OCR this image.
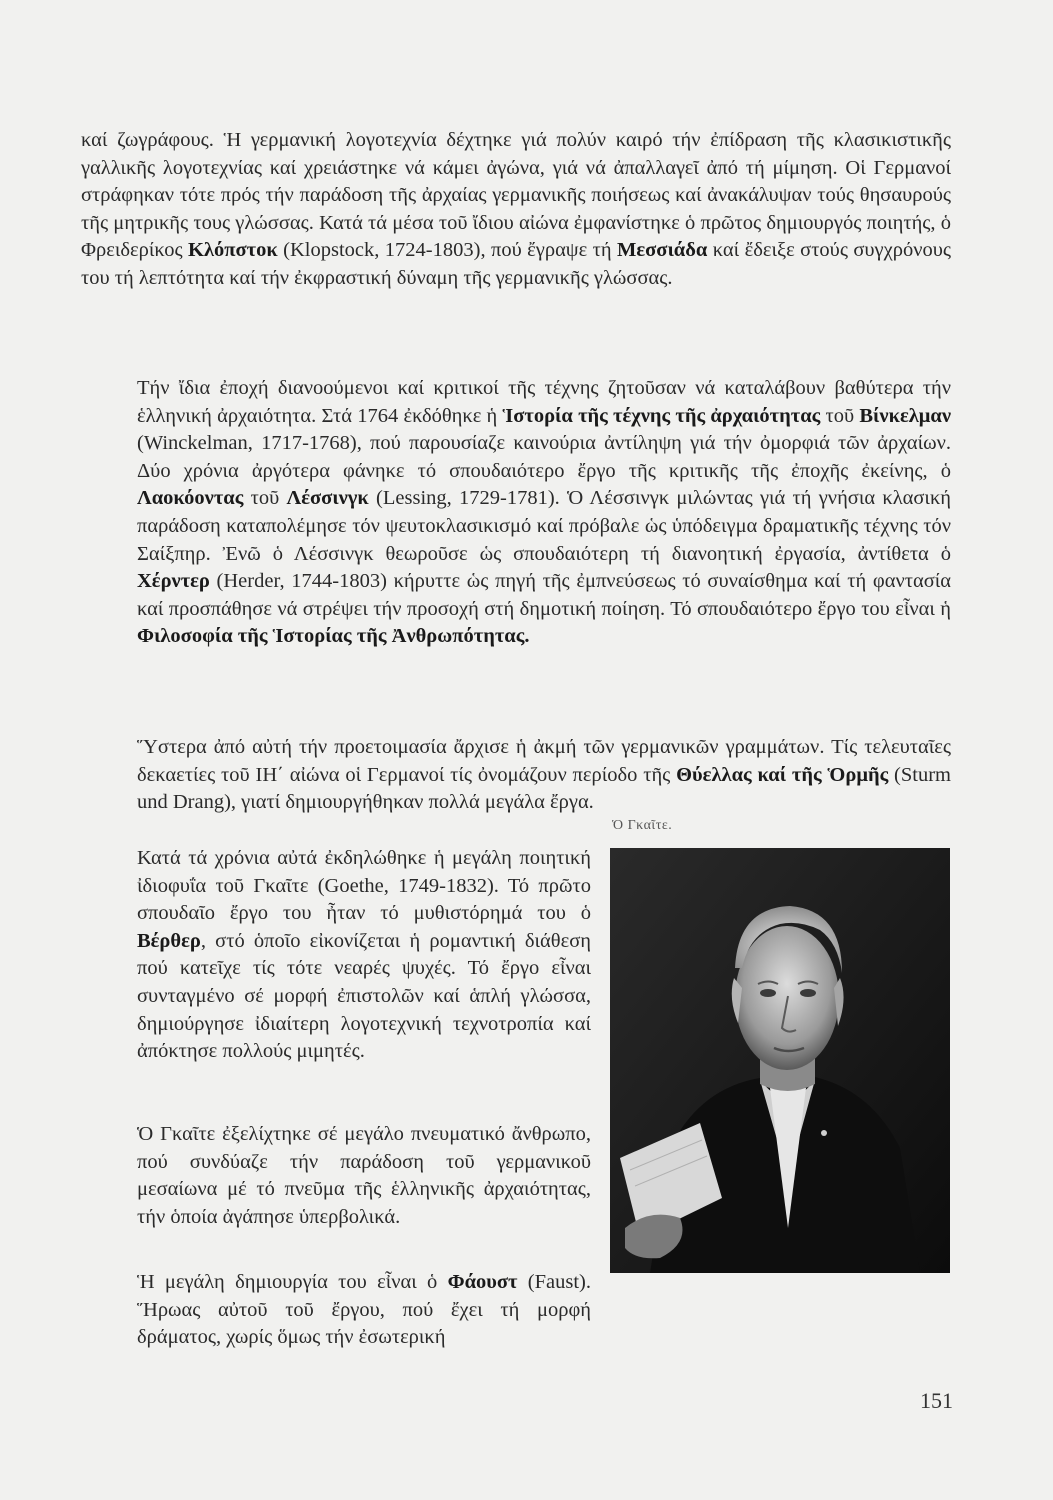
καί ζωγράφους. Ἡ γερμανική λογοτεχνία δέχτηκε γιά πολύν καιρό τήν ἐπίδραση τῆς κλασικιστικῆς γαλλικῆς λογοτεχνίας καί χρειάστηκε νά κάμει ἀγώνα, γιά νά ἀπαλλαγεῖ ἀπό τή μίμηση. Οἱ Γερμανοί στράφηκαν τότε πρός τήν παράδοση τῆς ἀρχαίας γερμανικῆς ποιήσεως καί ἀνακάλυψαν τούς θησαυρούς τῆς μητρικῆς τους γλώσσας. Κατά τά μέσα τοῦ ἴδιου αἰώνα ἐμφανίστηκε ὁ πρῶτος δημιουργός ποιητής, ὁ Φρειδερίκος Κλόπστοκ (Klopstock, 1724-1803), πού ἔγραψε τή Μεσσιάδα καί ἔδειξε στούς συγχρόνους του τή λεπτότητα καί τήν ἐκφραστική δύναμη τῆς γερμανικῆς γλώσσας.

Τήν ἴδια ἐποχή διανοούμενοι καί κριτικοί τῆς τέχνης ζητοῦσαν νά καταλάβουν βαθύτερα τήν ἑλληνική ἀρχαιότητα. Στά 1764 ἐκδόθηκε ἡ Ἱστορία τῆς τέχνης τῆς ἀρχαιότητας τοῦ Βίνκελμαν (Winckelman, 1717-1768), πού παρουσίαζε καινούρια ἀντίληψη γιά τήν ὀμορφιά τῶν ἀρχαίων. Δύο χρόνια ἀργότερα φάνηκε τό σπουδαιότερο ἔργο τῆς κριτικῆς τῆς ἐποχῆς ἐκείνης, ὁ Λαοκόοντας τοῦ Λέσσινγκ (Lessing, 1729-1781). Ὁ Λέσσινγκ μιλώντας γιά τή γνήσια κλασική παράδοση καταπολέμησε τόν ψευτοκλασικισμό καί πρόβαλε ὡς ὑπόδειγμα δραματικῆς τέχνης τόν Σαίξπηρ. Ἐνῶ ὁ Λέσσινγκ θεωροῦσε ὡς σπουδαιότερη τή διανοητική ἐργασία, ἀντίθετα ὁ Χέρντερ (Herder, 1744-1803) κήρυττε ὡς πηγή τῆς ἐμπνεύσεως τό συναίσθημα καί τή φαντασία καί προσπάθησε νά στρέψει τήν προσοχή στή δημοτική ποίηση. Τό σπουδαιότερο ἔργο του εἶναι ἡ Φιλοσοφία τῆς Ἱστορίας τῆς Ἀνθρωπότητας.

Ὕστερα ἀπό αὐτή τήν προετοιμασία ἄρχισε ἡ ἀκμή τῶν γερμανικῶν γραμμάτων. Τίς τελευταῖες δεκαετίες τοῦ ΙΗ΄ αἰώνα οἱ Γερμανοί τίς ὀνομάζουν περίοδο τῆς Θύελλας καί τῆς Ὁρμῆς (Sturm und Drang), γιατί δημιουργήθηκαν πολλά μεγάλα ἔργα.

Ὁ Γκαῖτε.

Κατά τά χρόνια αὐτά ἐκδηλώθηκε ἡ μεγάλη ποιητική ἰδιοφυΐα τοῦ Γκαῖτε (Goethe, 1749-1832). Τό πρῶτο σπουδαῖο ἔργο του ἦταν τό μυθιστόρημά του ὁ Βέρθερ, στό ὁποῖο εἰκονίζεται ἡ ρομαντική διάθεση πού κατεῖχε τίς τότε νεαρές ψυχές. Τό ἔργο εἶναι συνταγμένο σέ μορφή ἐπιστολῶν καί ἁπλή γλώσσα, δημιούργησε ἰδιαίτερη λογοτεχνική τεχνοτροπία καί ἀπόκτησε πολλούς μιμητές.

Ὁ Γκαῖτε ἐξελίχτηκε σέ μεγάλο πνευματικό ἄνθρωπο, πού συνδύαζε τήν παράδοση τοῦ γερμανικοῦ μεσαίωνα μέ τό πνεῦμα τῆς ἑλληνικῆς ἀρχαιότητας, τήν ὁποία ἀγάπησε ὑπερβολικά.

Ἡ μεγάλη δημιουργία του εἶναι ὁ Φάουστ (Faust). Ἥρωας αὐτοῦ τοῦ ἔργου, πού ἔχει τή μορφή δράματος, χωρίς ὅμως τήν ἐσωτερική

151
